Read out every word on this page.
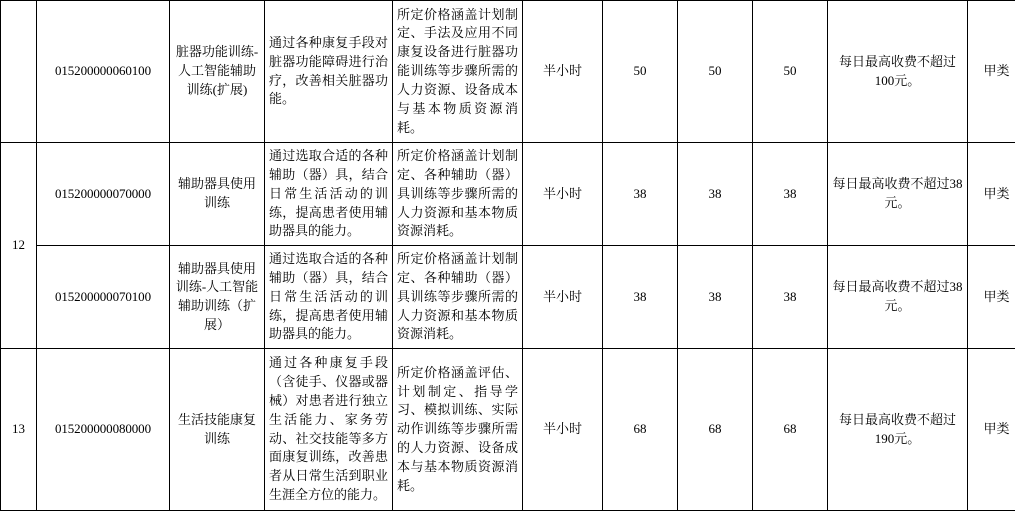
	015200000060100	脏器功能训练-人工智能辅助训练(扩展)	通过各种康复手段对脏器功能障碍进行治疗，改善相关脏器功能。	所定价格涵盖计划制定、手法及应用不同康复设备进行脏器功能训练等步骤所需的人力资源、设备成本与基本物质资源消耗。	半小时	50	50	50	每日最高收费不超过100元。	甲类	
12	015200000070000	辅助器具使用训练	通过选取合适的各种辅助（器）具，结合日常生活活动的训练，提高患者使用辅助器具的能力。	所定价格涵盖计划制定、各种辅助（器）具训练等步骤所需的人力资源和基本物质资源消耗。	半小时	38	38	38	每日最高收费不超过38元。	甲类	
	015200000070100	辅助器具使用训练-人工智能辅助训练（扩展）	通过选取合适的各种辅助（器）具，结合日常生活活动的训练，提高患者使用辅助器具的能力。	所定价格涵盖计划制定、各种辅助（器）具训练等步骤所需的人力资源和基本物质资源消耗。	半小时	38	38	38	每日最高收费不超过38元。	甲类	
13	015200000080000	生活技能康复训练	通过各种康复手段（含徒手、仪器或器械）对患者进行独立生活能力、家务劳动、社交技能等多方面康复训练，改善患者从日常生活到职业生涯全方位的能力。	所定价格涵盖评估、计划制定、指导学习、模拟训练、实际动作训练等步骤所需的人力资源、设备成本与基本物质资源消耗。	半小时	68	68	68	每日最高收费不超过190元。	甲类	
